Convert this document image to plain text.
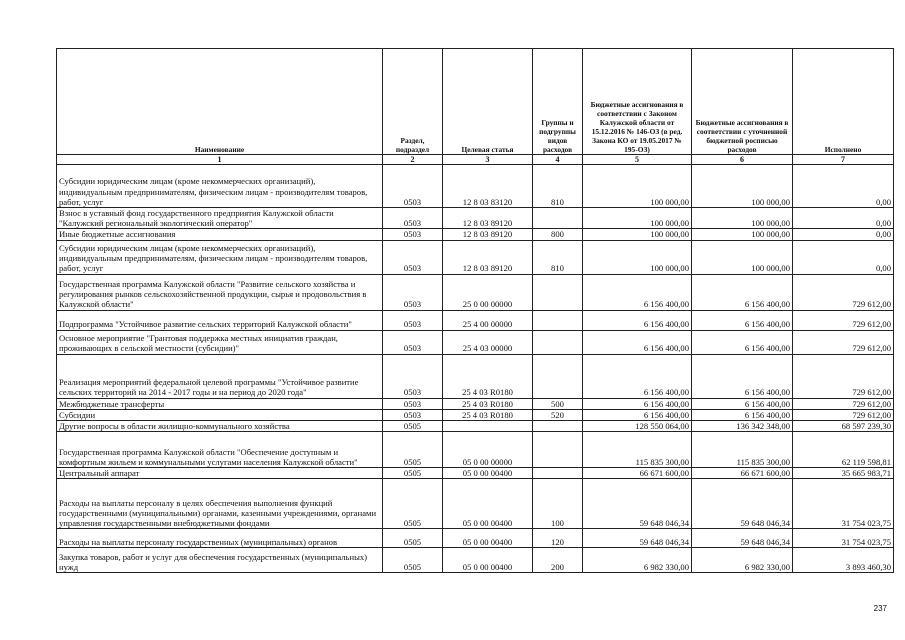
Наименование	Раздел, подраздел	Целевая статья	Группы и подгруппы видов расходов	Бюджетные ассигнования в соответствии с Законом Калужской области от 15.12.2016 № 146-ОЗ (в ред. Закона КО от 19.05.2017 № 195-ОЗ)	Бюджетные ассигнования в соответствии с уточненной бюджетной росписью расходов	Исполнено
1	2	3	4	5	6	7
Субсидии юридическим лицам (кроме некоммерческих организаций), индивидуальным предпринимателям, физическим лицам - производителям товаров, работ, услуг	0503	12 8 03 83120	810	100 000,00	100 000,00	0,00
Взнос в уставный фонд государственного предприятия Калужской области "Калужский региональный экологический оператор"	0503	12 8 03 89120		100 000,00	100 000,00	0,00
Иные бюджетные ассигнования	0503	12 8 03 89120	800	100 000,00	100 000,00	0,00
Субсидии юридическим лицам (кроме некоммерческих организаций), индивидуальным предпринимателям, физическим лицам - производителям товаров, работ, услуг	0503	12 8 03 89120	810	100 000,00	100 000,00	0,00
Государственная программа Калужской области "Развитие сельского хозяйства и регулирования рынков сельскохозяйственной продукции, сырья и продовольствия в Калужской области"	0503	25 0 00 00000		6 156 400,00	6 156 400,00	729 612,00
Подпрограмма "Устойчивое развитие сельских территорий Калужской области"	0503	25 4 00 00000		6 156 400,00	6 156 400,00	729 612,00
Основное мероприятие "Грантовая поддержка местных инициатив граждан, проживающих в сельской местности (субсидии)"	0503	25 4 03 00000		6 156 400,00	6 156 400,00	729 612,00
Реализация мероприятий федеральной целевой программы "Устойчивое развитие сельских территорий на 2014 - 2017 годы и на период до 2020 года"	0503	25 4 03 R0180		6 156 400,00	6 156 400,00	729 612,00
Межбюджетные трансферты	0503	25 4 03 R0180	500	6 156 400,00	6 156 400,00	729 612,00
Субсидии	0503	25 4 03 R0180	520	6 156 400,00	6 156 400,00	729 612,00
Другие вопросы в области жилищно-коммунального хозяйства	0505			128 550 064,00	136 342 348,00	68 597 239,30
Государственная программа Калужской области "Обеспечение доступным и комфортным жильем и коммунальными услугами населения Калужской области"	0505	05 0 00 00000		115 835 300,00	115 835 300,00	62 119 598,81
Центральный аппарат	0505	05 0 00 00400		66 671 600,00	66 671 600,00	35 665 983,71
Расходы на выплаты персоналу в целях обеспечения выполнения функций государственными (муниципальными) органами, казенными учреждениями, органами управления государственными внебюджетными фондами	0505	05 0 00 00400	100	59 648 046,34	59 648 046,34	31 754 023,75
Расходы на выплаты персоналу государственных (муниципальных) органов	0505	05 0 00 00400	120	59 648 046,34	59 648 046,34	31 754 023,75
Закупка товаров, работ и услуг для обеспечения государственных (муниципальных) нужд	0505	05 0 00 00400	200	6 982 330,00	6 982 330,00	3 893 460,30
237
